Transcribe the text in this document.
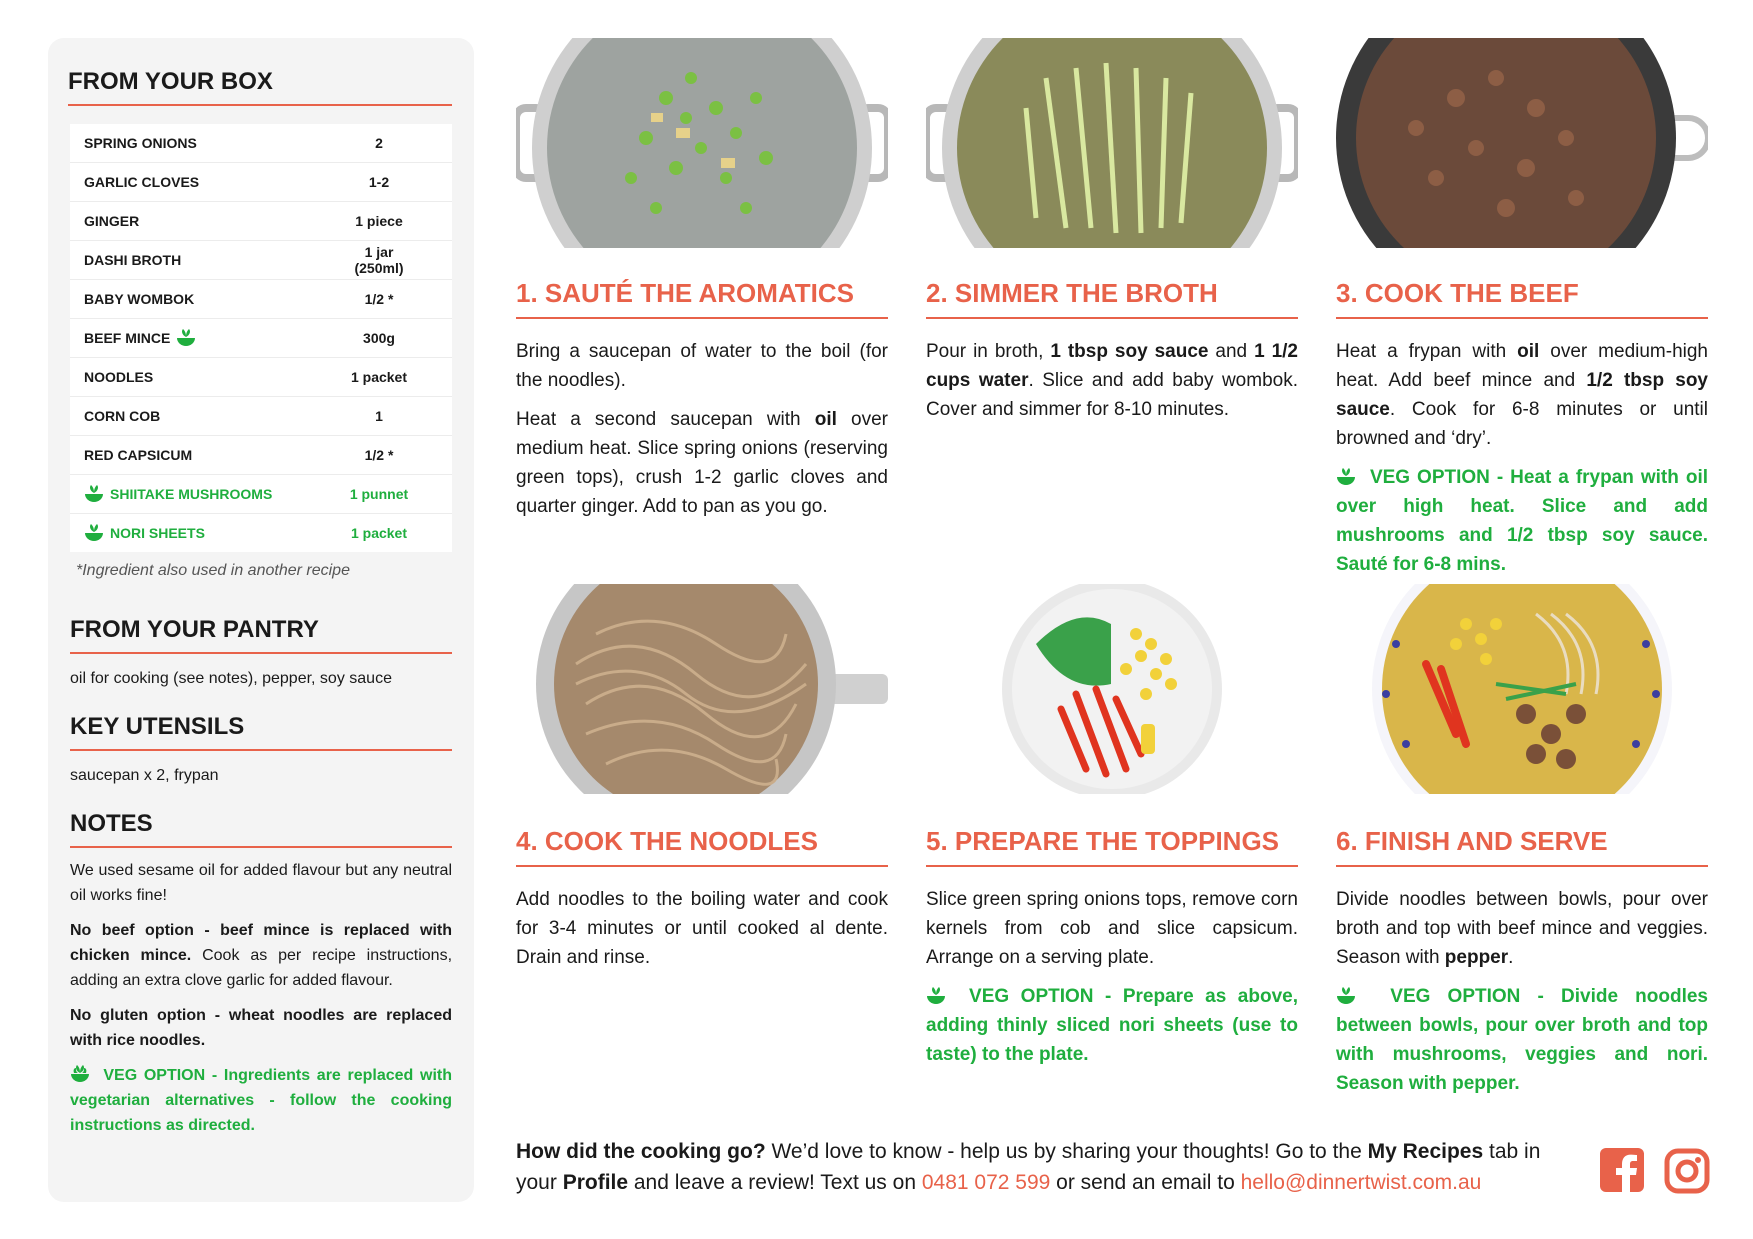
FROM YOUR BOX
SPRING ONIONS	2
GARLIC CLOVES	1-2
GINGER	1 piece
DASHI BROTH	1 jar (250ml)
BABY WOMBOK	1/2 *
BEEF MINCE	300g
NOODLES	1 packet
CORN COB	1
RED CAPSICUM	1/2 *
SHIITAKE MUSHROOMS	1 punnet
NORI SHEETS	1 packet
*Ingredient also used in another recipe
FROM YOUR PANTRY
oil for cooking (see notes), pepper, soy sauce
KEY UTENSILS
saucepan x 2, frypan
NOTES

We used sesame oil for added flavour but any neutral oil works fine!

No beef option - beef mince is replaced with chicken mince. Cook as per recipe instructions, adding an extra clove garlic for added flavour.

No gluten option - wheat noodles are replaced with rice noodles.

VEG OPTION - Ingredients are replaced with vegetarian alternatives - follow the cooking instructions as directed.

1. SAUTÉ THE AROMATICS

Bring a saucepan of water to the boil (for the noodles).

Heat a second saucepan with oil over medium heat. Slice spring onions (reserving green tops), crush 1-2 garlic cloves and quarter ginger. Add to pan as you go.

2. SIMMER THE BROTH

Pour in broth, 1 tbsp soy sauce and 1 1/2 cups water. Slice and add baby wombok. Cover and simmer for 8-10 minutes.

3. COOK THE BEEF

Heat a frypan with oil over medium-high heat. Add beef mince and 1/2 tbsp soy sauce. Cook for 6-8 minutes or until browned and ‘dry’.

VEG OPTION - Heat a frypan with oil over high heat. Slice and add mushrooms and 1/2 tbsp soy sauce. Sauté for 6-8 mins.

4. COOK THE NOODLES

Add noodles to the boiling water and cook for 3-4 minutes or until cooked al dente. Drain and rinse.

5. PREPARE THE TOPPINGS

Slice green spring onions tops, remove corn kernels from cob and slice capsicum. Arrange on a serving plate.

VEG OPTION - Prepare as above, adding thinly sliced nori sheets (use to taste) to the plate.

6. FINISH AND SERVE

Divide noodles between bowls, pour over broth and top with beef mince and veggies. Season with pepper.

VEG OPTION - Divide noodles between bowls, pour over broth and top with mushrooms, veggies and nori. Season with pepper.

How did the cooking go? We’d love to know - help us by sharing your thoughts! Go to the My Recipes tab in your Profile and leave a review! Text us on 0481 072 599 or send an email to hello@dinnertwist.com.au
